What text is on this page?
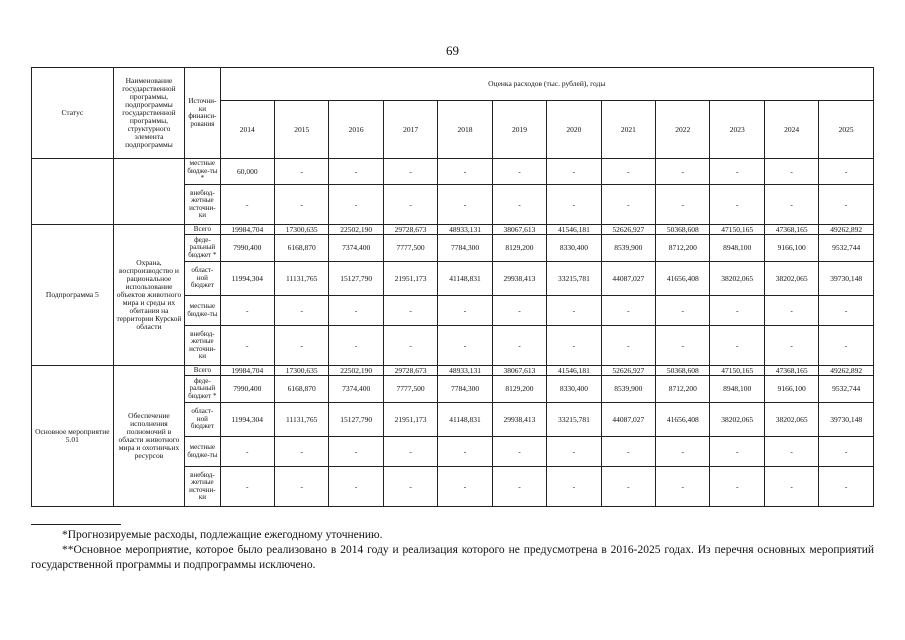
69
Статус	Наименование государственной программы, подпрограммы государственной программы, структурного элемента подпрограммы	Источни-ки финанси-рования	Оценка расходов (тыс. рублей), годы											
			2014	2015	2016	2017	2018	2019	2020	2021	2022	2023	2024	2025
		местные бюдже-ты *	60,000	-	-	-	-	-	-	-	-	-	-	-
		внебюд-жетные источни-ки	-	-	-	-	-	-	-	-	-	-	-	-
Подпрограмма 5	Охрана, воспроизводство и рациональное использование объектов животного мира и среды их обитания на территории Курской области	Всего	19984,704	17300,635	22502,190	29728,673	48933,131	38067,613	41546,181	52626,927	50368,608	47150,165	47368,165	49262,892
		феде-ральный бюджет *	7990,400	6168,870	7374,400	7777,500	7784,300	8129,200	8330,400	8539,900	8712,200	8948,100	9166,100	9532,744
		област-ной бюджет	11994,304	11131,765	15127,790	21951,173	41148,831	29938,413	33215,781	44087,027	41656,408	38202,065	38202,065	39730,148
		местные бюдже-ты	-	-	-	-	-	-	-	-	-	-	-	-
		внебюд-жетные источни-ки	-	-	-	-	-	-	-	-	-	-	-	-
Основное мероприятие 5.01	Обеспечение исполнения полномочий в области животного мира и охотничьих ресурсов	Всего	19984,704	17300,635	22502,190	29728,673	48933,131	38067,613	41546,181	52626,927	50368,608	47150,165	47368,165	49262,892
		феде-ральный бюджет *	7990,400	6168,870	7374,400	7777,500	7784,300	8129,200	8330,400	8539,900	8712,200	8948,100	9166,100	9532,744
		област-ной бюджет	11994,304	11131,765	15127,790	21951,173	41148,831	29938,413	33215,781	44087,027	41656,408	38202,065	38202,065	39730,148
		местные бюдже-ты	-	-	-	-	-	-	-	-	-	-	-	-
		внебюд-жетные источни-ки	-	-	-	-	-	-	-	-	-	-	-	-
*Прогнозируемые расходы, подлежащие ежегодному уточнению.
**Основное мероприятие, которое было реализовано в 2014 году и реализация которого не предусмотрена в 2016-2025 годах. Из перечня основных мероприятий государственной программы и подпрограммы исключено.
